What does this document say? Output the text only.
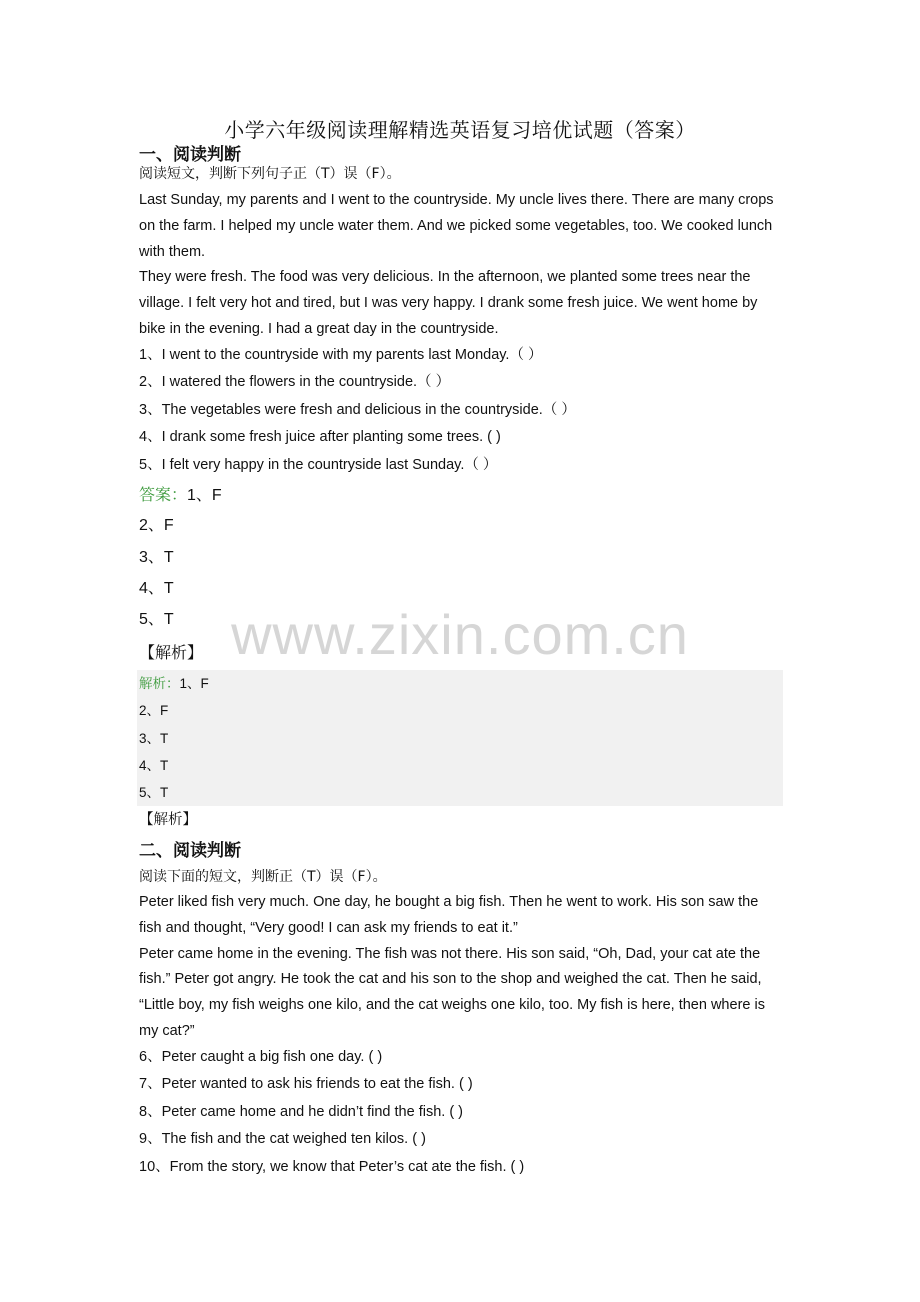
www.zixin.com.cn
小学六年级阅读理解精选英语复习培优试题（答案）
一、阅读判断
阅读短文，判断下列句子正（T）误（F）。

Last Sunday, my parents and I went to the countryside. My uncle lives there. There are many crops on the farm. I helped my uncle water them. And we picked some vegetables, too. We cooked lunch with them.

They were fresh. The food was very delicious. In the afternoon, we planted some trees near the village. I felt very hot and tired, but I was very happy. I drank some fresh juice. We went home by bike in the evening. I had a great day in the countryside.

1、I went to the countryside with my parents last Monday.（ ）
2、I watered the flowers in the countryside.（ ）
3、The vegetables were fresh and delicious in the countryside.（ ）
4、I drank some fresh juice after planting some trees. ( )
5、I felt very happy in the countryside last Sunday.（ ）
答案：1、F
2、F
3、T
4、T
5、T
【解析】
解析：1、F
2、F
3、T
4、T
5、T
【解析】
二、阅读判断
阅读下面的短文，判断正（T）误（F）。

Peter liked fish very much. One day, he bought a big fish. Then he went to work. His son saw the fish and thought, “Very good! I can ask my friends to eat it.”

Peter came home in the evening. The fish was not there. His son said, “Oh, Dad, your cat ate the fish.” Peter got angry. He took the cat and his son to the shop and weighed the cat. Then he said, “Little boy, my fish weighs one kilo, and the cat weighs one kilo, too. My fish is here, then where is my cat?”

6、Peter caught a big fish one day. ( )
7、Peter wanted to ask his friends to eat the fish. ( )
8、Peter came home and he didn’t find the fish. ( )
9、The fish and the cat weighed ten kilos. ( )
10、From the story, we know that Peter’s cat ate the fish. ( )
